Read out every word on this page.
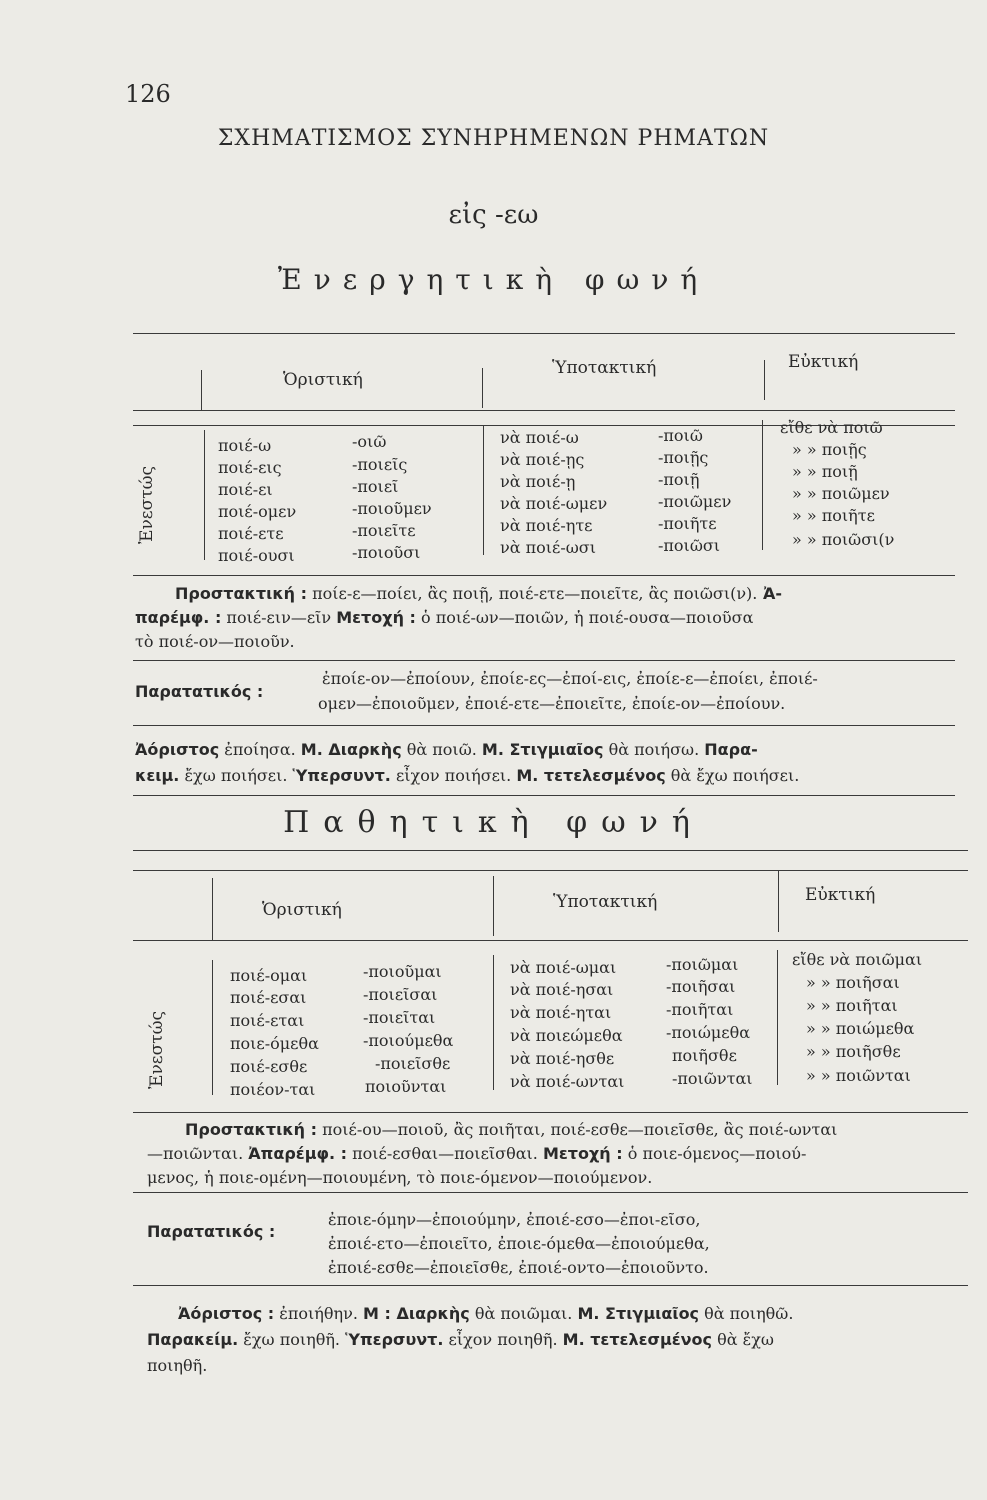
126
ΣΧΗΜΑΤΙΣΜΟΣ ΣΥΝΗΡΗΜΕΝΩΝ ΡΗΜΑΤΩΝ
εἰς -εω
Ἐνεργητικὴ φωνή
Ὁριστική
Ὑποτακτική	Εὐκτική
Ἐνεστώς
ποιέ-ω	-οιῶ	νὰ ποιέ-ω	-ποιῶ	εἴθε νὰ ποιῶ
ποιέ-εις	-ποιεῖς	νὰ ποιέ-ῃς	-ποιῇς	» » ποιῇς
ποιέ-ει	-ποιεῖ	νὰ ποιέ-ῃ	-ποιῇ	» » ποιῇ
ποιέ-ομεν	-ποιοῦμεν	νὰ ποιέ-ωμεν	-ποιῶμεν	» » ποιῶμεν
ποιέ-ετε	-ποιεῖτε	νὰ ποιέ-ητε	-ποιῆτε	» » ποιῆτε
ποιέ-ουσι	-ποιοῦσι	νὰ ποιέ-ωσι	-ποιῶσι	» » ποιῶσι(ν
Προστακτική : ποίε-ε—ποίει, ἂς ποιῇ, ποιέ-ετε—ποιεῖτε, ἂς ποιῶσι(ν). Ἀ-
παρέμφ. : ποιέ-ειν—εῖν Μετοχή : ὁ ποιέ-ων—ποιῶν, ἡ ποιέ-ουσα—ποιοῦσα
τὸ ποιέ-ον—ποιοῦν.
Παρατατικός :
ἐποίε-ον—ἐποίουν, ἐποίε-ες—ἐποί-εις, ἐποίε-ε—ἐποίει, ἐποιέ-
ομεν—ἐποιοῦμεν, ἐποιέ-ετε—ἐποιεῖτε, ἐποίε-ον—ἐποίουν.
Ἀόριστος ἐποίησα. Μ. Διαρκὴς θὰ ποιῶ. Μ. Στιγμιαῖος θὰ ποιήσω. Παρα-
κειμ. ἔχω ποιήσει. Ὑπερσυντ. εἶχον ποιήσει. Μ. τετελεσμένος θὰ ἔχω ποιήσει.
Παθητικὴ φωνή
Ὁριστική	Ὑποτακτική	Εὐκτική
Ἐνεστώς
ποιέ-ομαι	-ποιοῦμαι	νὰ ποιέ-ωμαι	-ποιῶμαι	εἴθε νὰ ποιῶμαι
ποιέ-εσαι	-ποιεῖσαι	νὰ ποιέ-ησαι	-ποιῆσαι	» » ποιῆσαι
ποιέ-εται	-ποιεῖται	νὰ ποιέ-ηται	-ποιῆται	» » ποιῆται
ποιε-όμεθα	-ποιούμεθα	νὰ ποιεώμεθα	-ποιώμεθα	» » ποιώμεθα
ποιέ-εσθε	-ποιεῖσθε	νὰ ποιέ-ησθε	ποιῆσθε	» » ποιῆσθε
ποιέον-ται	ποιοῦνται	νὰ ποιέ-ωνται	-ποιῶνται	» » ποιῶνται
Προστακτική : ποιέ-ου—ποιοῦ, ἂς ποιῆται, ποιέ-εσθε—ποιεῖσθε, ἂς ποιέ-ωνται
—ποιῶνται. Ἀπαρέμφ. : ποιέ-εσθαι—ποιεῖσθαι. Μετοχή : ὁ ποιε-όμενος—ποιού-
μενος, ἡ ποιε-ομένη—ποιουμένη, τὸ ποιε-όμενον—ποιούμενον.
Παρατατικός :
ἐποιε-όμην—ἐποιούμην, ἐποιέ-εσο—ἐποι-εῖσο,
ἐποιέ-ετο—ἐποιεῖτο, ἐποιε-όμεθα—ἐποιούμεθα,
ἐποιέ-εσθε—ἐποιεῖσθε, ἐποιέ-οντο—ἐποιοῦντο.
Ἀόριστος : ἐποιήθην. Μ : Διαρκὴς θὰ ποιῶμαι. Μ. Στιγμιαῖος θὰ ποιηθῶ.
Παρακείμ. ἔχω ποιηθῆ. Ὑπερσυντ. εἶχον ποιηθῆ. Μ. τετελεσμένος θὰ ἔχω
ποιηθῆ.
